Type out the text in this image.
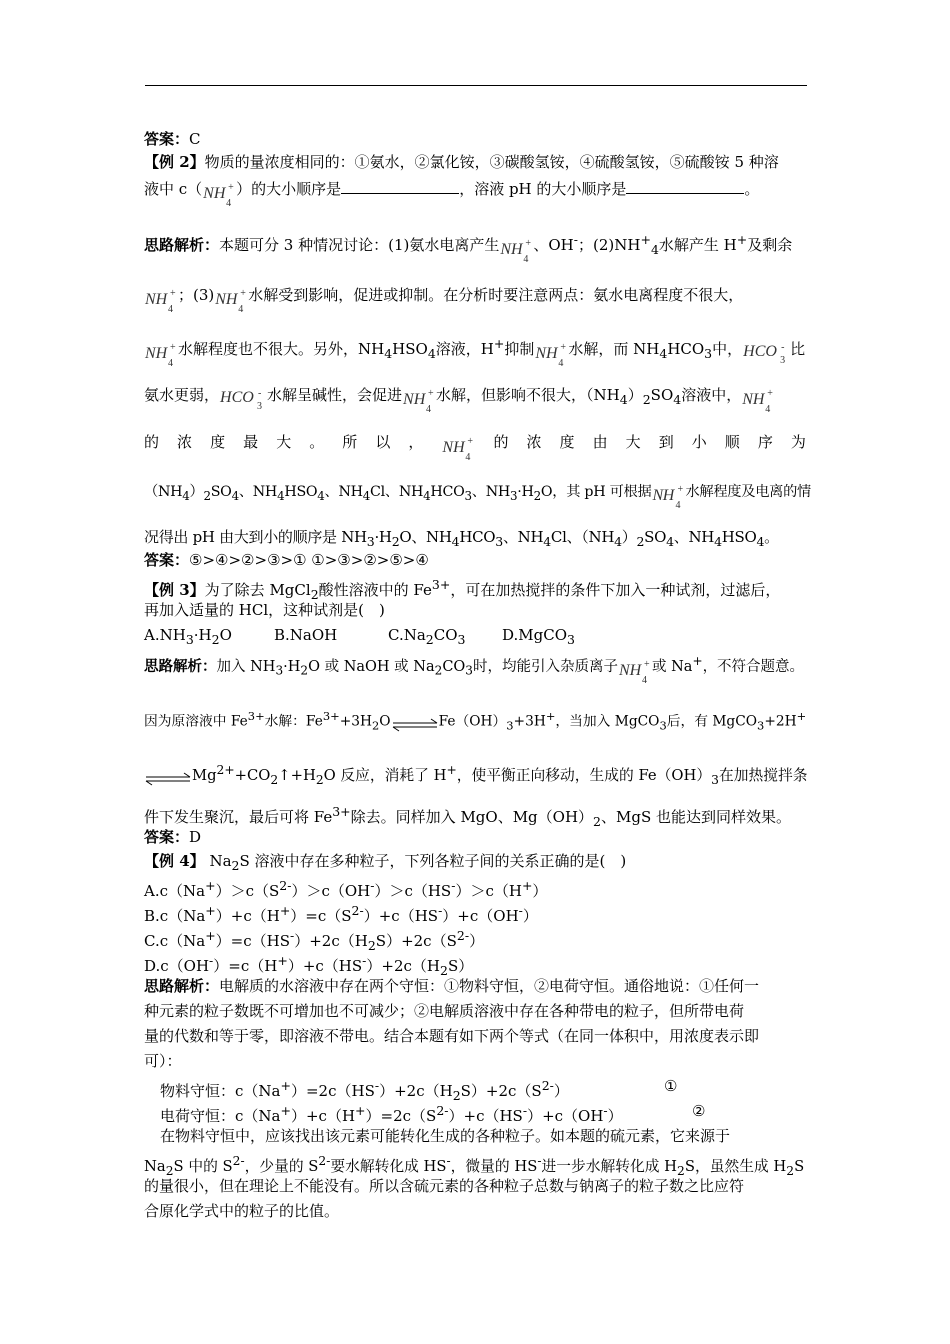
答案：C
【例 2】物质的量浓度相同的：①氨水，②氯化铵，③碳酸氢铵，④硫酸氢铵，⑤硫酸铵 5 种溶
液中 c（ NH +
4
）的大小顺序是	，溶液 pH 的大小顺序是	。
思路解析：本题可分 3 种情况讨论：(1)氨水电离产生 NH +
4
、OH-；$(2)NH^+_4$水解产生 H+及剩余
NH +
4
；(3) NH +
4
水解受到影响，促进或抑制。在分析时要注意两点：氨水电离程度不很大，
NH +
4
水解程度也不很大。另外，$NH_4HSO_4$溶液，H+抑制 NH +
4
水解，而 $NH_4HCO_3$中， HCO -
3
比
氨水更弱， HCO -
3
水解呈碱性，会促进 NH +
4
水解，但影响不很大，$(NH_4)_2SO_4$溶液中， NH +
4
的 浓 度 最 大 。 所 以 ， NH +
4
的 浓 度 由 大 到 小 顺 序 为
$(NH_4)_2SO_4$、$NH_4HSO_4$、$NH_4Cl$、$NH_4HCO_3$、$NH_3\cdot H_2O$，其 pH 可根据 NH +
4
水解程度及电离的情
况得出 pH 由大到小的顺序是 $NH_3\cdot H_2O$、$NH_4HCO_3$、$NH_4Cl$、$(NH_4)_2SO_4$、$NH_4HSO_4$。
答案：⑤>④>②>③>① ①>③>②>⑤>④
【例 3】为了除去 MgCl$_2$酸性溶液中的 $Fe^{3+}$，可在加热搅拌的条件下加入一种试剂，过滤后，
再加入适量的 HCl，这种试剂是(　)
$A.NH_3\cdot H_2O$	B.NaOH	$C.Na_2CO_3$ D.MgCO$_3$
思路解析：加入 $NH_3\cdot H_2O$ 或 NaOH 或 $Na_2CO_3$时，均能引入杂质离子 NH +
4
或 Na+，不符合题意。
因为原溶液中 $Fe^{3+}$水解：$Fe^{3+}+3H_2O\rightleftharpoons Fe(OH)_3+3H^+$，当加入 MgCO$_3$后，有 MgCO$_3$+2H+
$\rightleftharpoons Mg^{2+}+CO_2↑+H_2O$ 反应，消耗了 H+，使平衡正向移动，生成的 $Fe(OH)_3$在加热搅拌条
件下发生聚沉，最后可将 $Fe^{3+}$除去。同样加入 MgO、$Mg(OH)_2$、MgS 也能达到同样效果。
答案：D
【例 4】 $Na_2S$ 溶液中存在多种粒子，下列各粒子间的关系正确的是(　)
$A.c(Na^+)>c(S^{2-})>c(OH^-)>c(HS^-)>c(H^+)$
$B.c(Na^+)+c(H^+)=c(S^{2-})+c(HS^-)+c(OH^-)$
$C.c(Na^+)=c(HS^-)+2c(H_2S)+2c(S^{2-})$
$D.c(OH^-)=c(H^+)+c(HS^-)+2c(H_2S)$
思路解析：电解质的水溶液中存在两个守恒：①物料守恒，②电荷守恒。通俗地说：①任何一
种元素的粒子数既不可增加也不可减少；②电解质溶液中存在各种带电的粒子，但所带电荷
量的代数和等于零，即溶液不带电。结合本题有如下两个等式（在同一体积中，用浓度表示即
可）：
物料守恒：$c(Na^+)=2c(HS^-)+2c(H_2S)+2c(S^{2-})$	①
电荷守恒：$c(Na^+)+c(H^+)=2c(S^{2-})+c(HS^-)+c(OH^-)$	②
在物料守恒中，应该找出该元素可能转化生成的各种粒子。如本题的硫元素，它来源于
$Na_2S$ 中的 $S^{2-}$，少量的 $S^{2-}$要水解转化成 HS-，微量的 HS-进一步水解转化成 $H_2S$，虽然生成 $H_2S$
的量很小，但在理论上不能没有。所以含硫元素的各种粒子总数与钠离子的粒子数之比应符
合原化学式中的粒子的比值。
